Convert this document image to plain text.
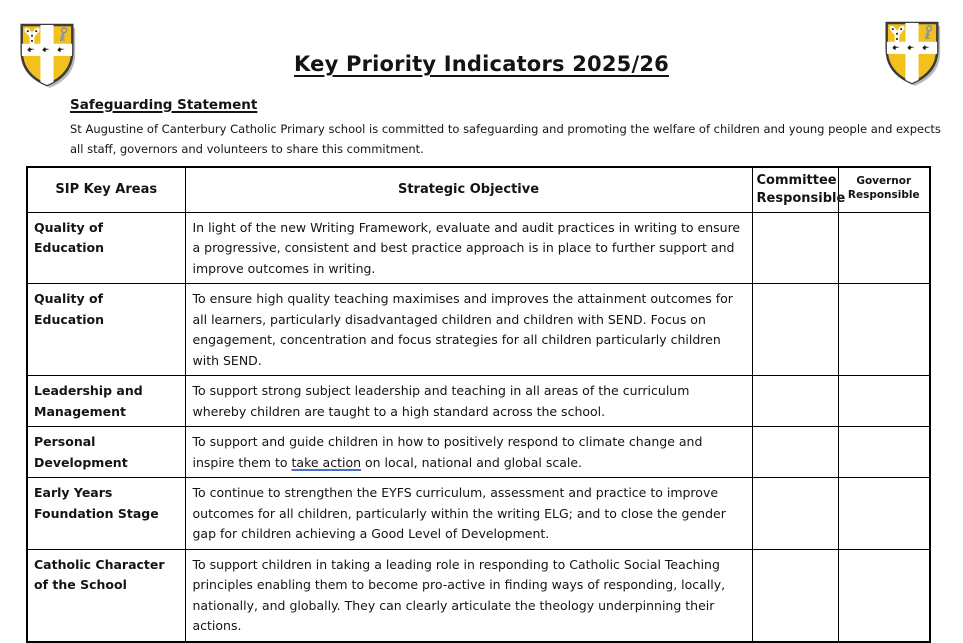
Key Priority Indicators 2025/26
Safeguarding Statement

St Augustine of Canterbury Catholic Primary school is committed to safeguarding and promoting the welfare of children and young people and expects

all staff, governors and volunteers to share this commitment.

SIP Key Areas	Strategic Objective	Committee Responsible	Governor Responsible
Quality of Education	In light of the new Writing Framework, evaluate and audit practices in writing to ensure a progressive, consistent and best practice approach is in place to further support and improve outcomes in writing.		
Quality of Education	To ensure high quality teaching maximises and improves the attainment outcomes for all learners, particularly disadvantaged children and children with SEND. Focus on engagement, concentration and focus strategies for all children particularly children with SEND.		
Leadership and Management	To support strong subject leadership and teaching in all areas of the curriculum whereby children are taught to a high standard across the school.		
Personal Development	To support and guide children in how to positively respond to climate change and inspire them to take action on local, national and global scale.		
Early Years Foundation Stage	To continue to strengthen the EYFS curriculum, assessment and practice to improve outcomes for all children, particularly within the writing ELG; and to close the gender gap for children achieving a Good Level of Development.		
Catholic Character of the School	To support children in taking a leading role in responding to Catholic Social Teaching principles enabling them to become pro-active in finding ways of responding, locally, nationally, and globally. They can clearly articulate the theology underpinning their actions.		
